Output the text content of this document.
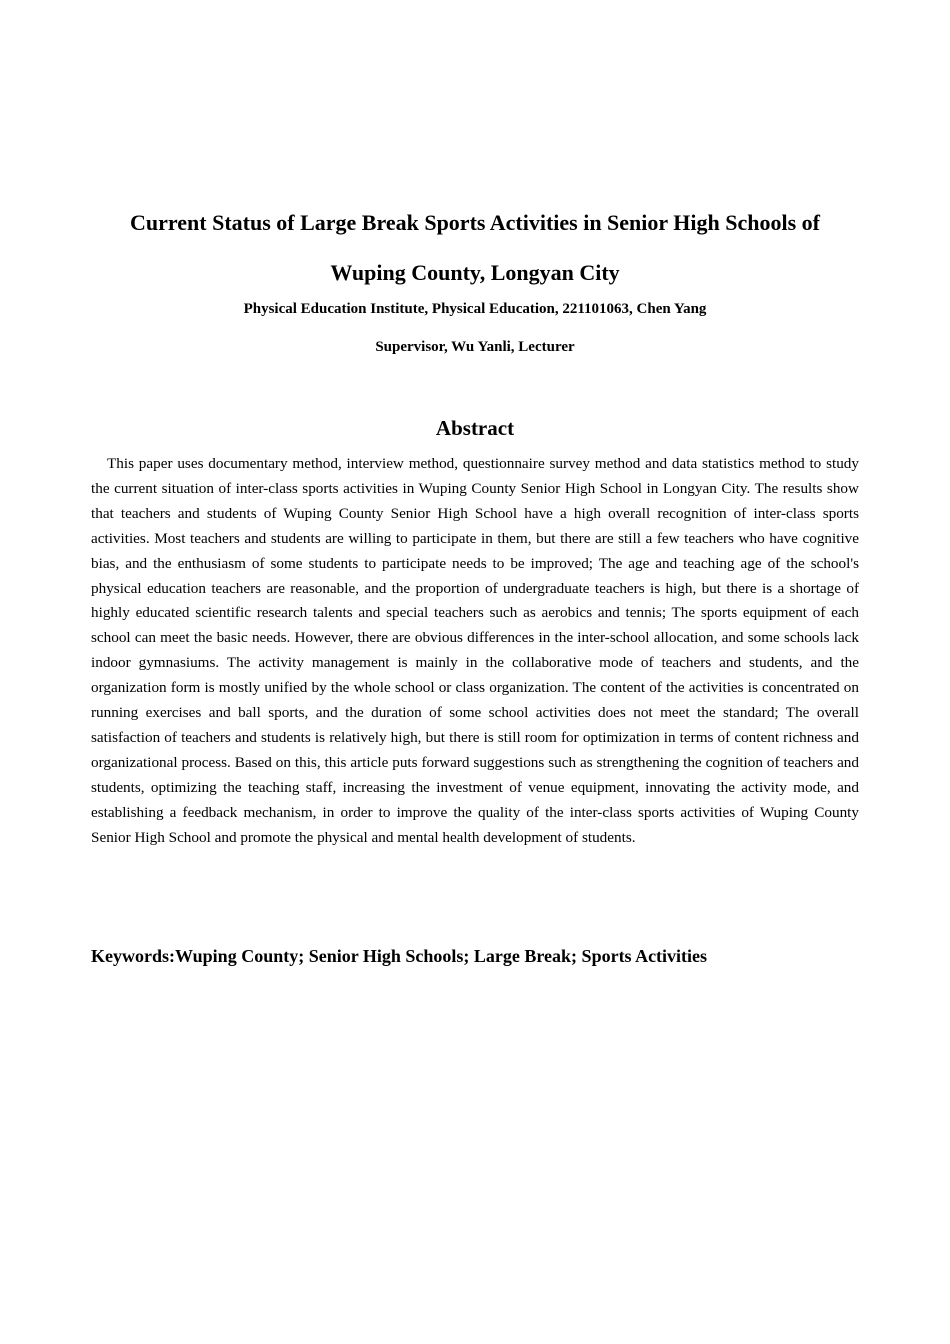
Current Status of Large Break Sports Activities in Senior High Schools of
Wuping County, Longyan City
Physical Education Institute, Physical Education, 221101063, Chen Yang
Supervisor, Wu Yanli, Lecturer
Abstract

This paper uses documentary method, interview method, questionnaire survey method and data statistics method to study the current situation of inter-class sports activities in Wuping County Senior High School in Longyan City. The results show that teachers and students of Wuping County Senior High School have a high overall recognition of inter-class sports activities. Most teachers and students are willing to participate in them, but there are still a few teachers who have cognitive bias, and the enthusiasm of some students to participate needs to be improved; The age and teaching age of the school's physical education teachers are reasonable, and the proportion of undergraduate teachers is high, but there is a shortage of highly educated scientific research talents and special teachers such as aerobics and tennis; The sports equipment of each school can meet the basic needs. However, there are obvious differences in the inter-school allocation, and some schools lack indoor gymnasiums. The activity management is mainly in the collaborative mode of teachers and students, and the organization form is mostly unified by the whole school or class organization. The content of the activities is concentrated on running exercises and ball sports, and the duration of some school activities does not meet the standard; The overall satisfaction of teachers and students is relatively high, but there is still room for optimization in terms of content richness and organizational process. Based on this, this article puts forward suggestions such as strengthening the cognition of teachers and students, optimizing the teaching staff, increasing the investment of venue equipment, innovating the activity mode, and establishing a feedback mechanism, in order to improve the quality of the inter-class sports activities of Wuping County Senior High School and promote the physical and mental health development of students.

Keywords:Wuping County; Senior High Schools; Large Break; Sports Activities
